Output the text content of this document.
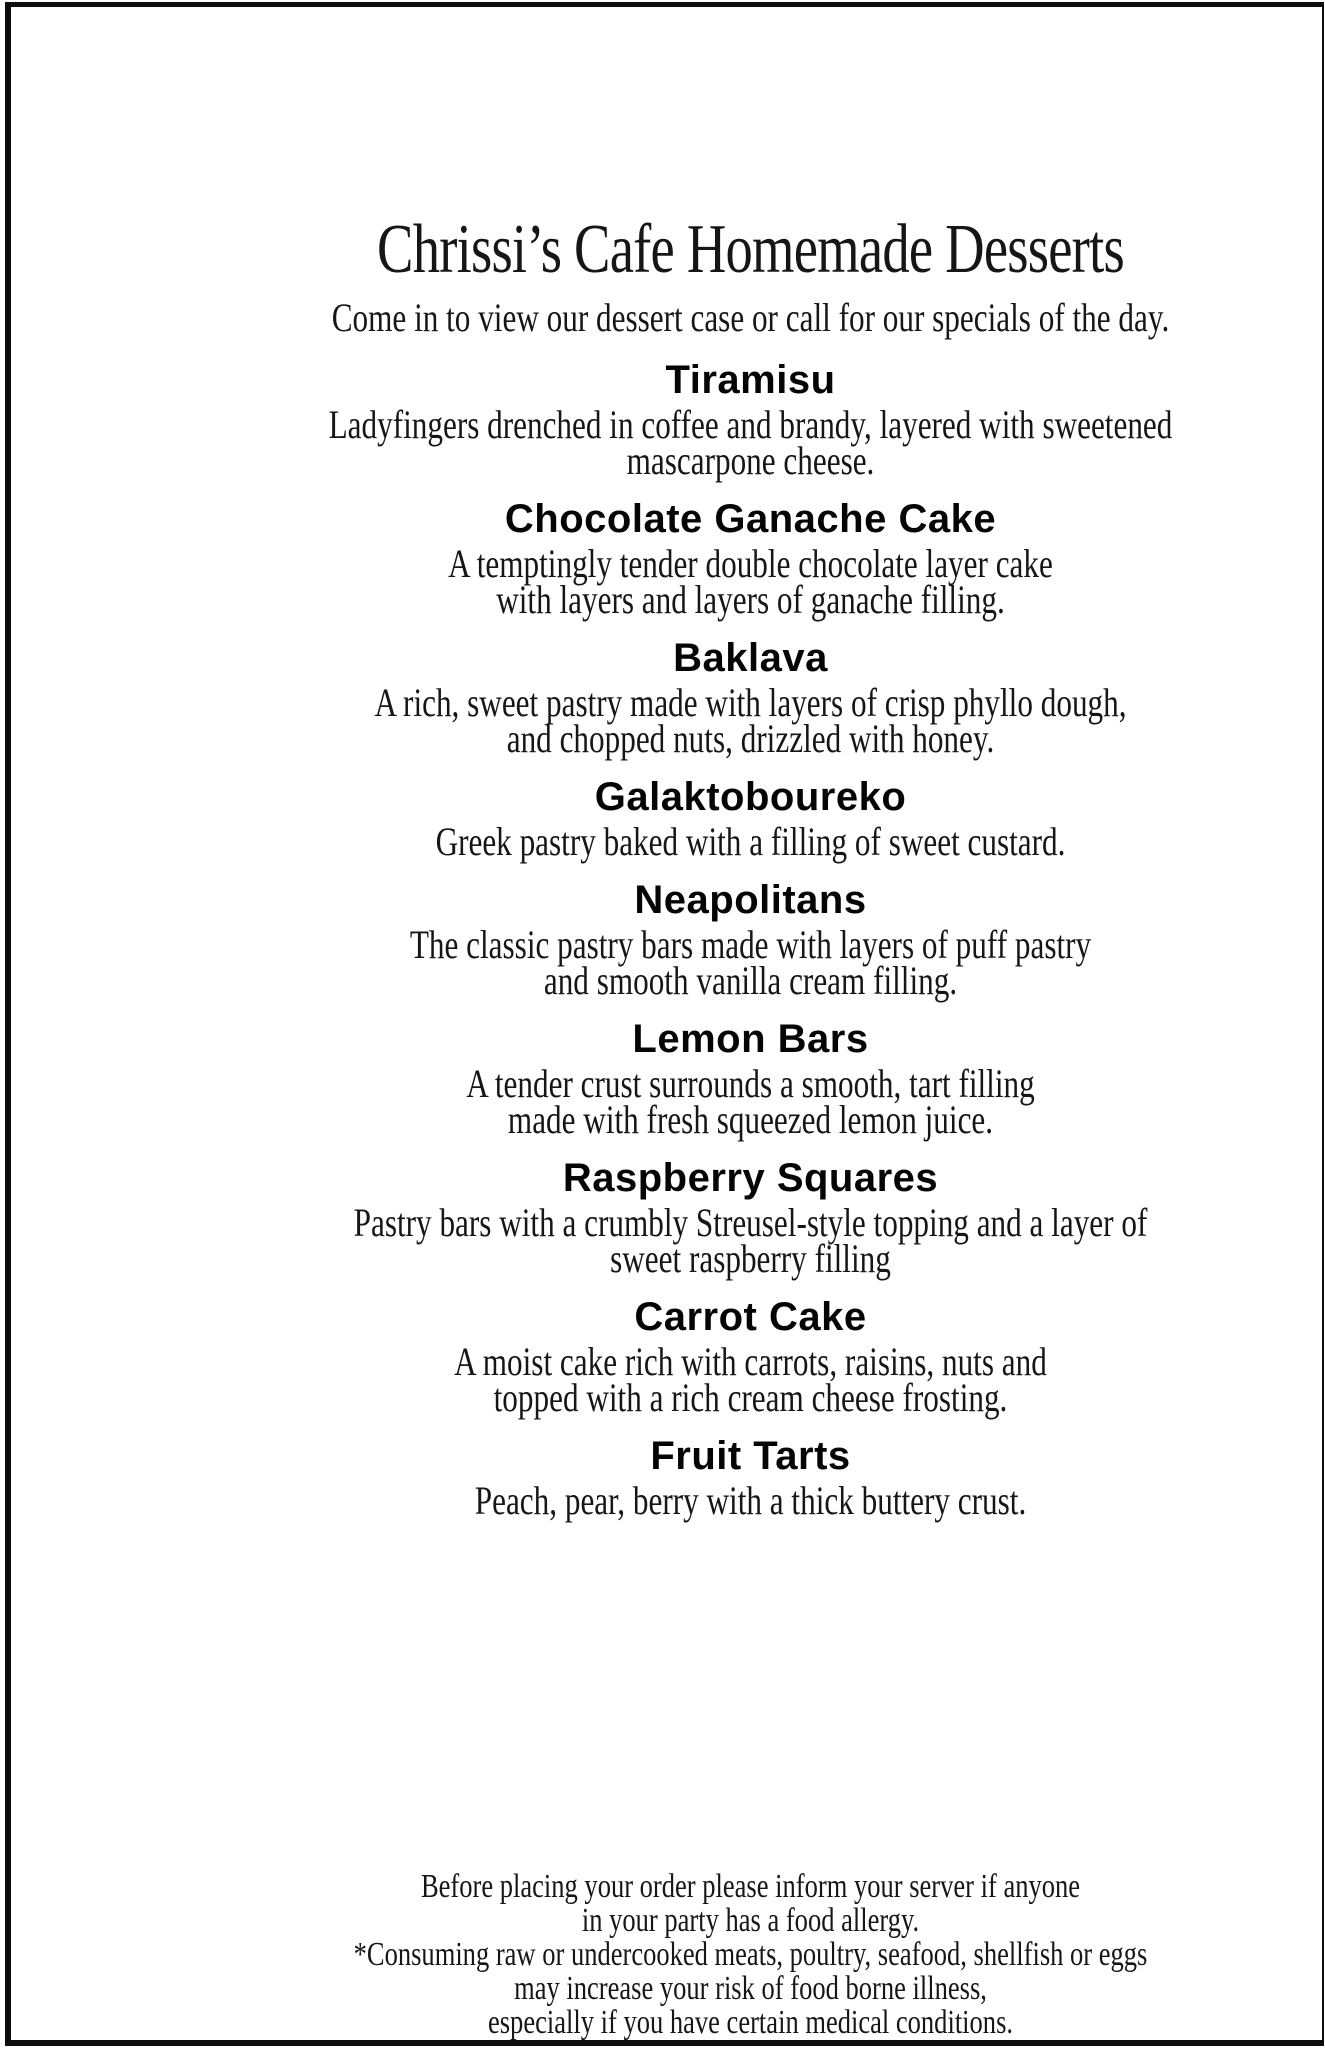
Chrissi’s Cafe Homemade Desserts
Come in to view our dessert case or call for our specials of the day.
Tiramisu
Ladyfingers drenched in coffee and brandy, layered with sweetened
mascarpone cheese.
Chocolate Ganache Cake
A temptingly tender double chocolate layer cake
with layers and layers of ganache filling.
Baklava
A rich, sweet pastry made with layers of crisp phyllo dough,
and chopped nuts, drizzled with honey.
Galaktoboureko
Greek pastry baked with a filling of sweet custard.
Neapolitans
The classic pastry bars made with layers of puff pastry
and smooth vanilla cream filling.
Lemon Bars
A tender crust surrounds a smooth, tart filling
made with fresh squeezed lemon juice.
Raspberry Squares
Pastry bars with a crumbly Streusel-style topping and a layer of
sweet raspberry filling
Carrot Cake
A moist cake rich with carrots, raisins, nuts and
topped with a rich cream cheese frosting.
Fruit Tarts
Peach, pear, berry with a thick buttery crust.
Before placing your order please inform your server if anyone
in your party has a food allergy.
*Consuming raw or undercooked meats, poultry, seafood, shellfish or eggs
may increase your risk of food borne illness,
especially if you have certain medical conditions.
